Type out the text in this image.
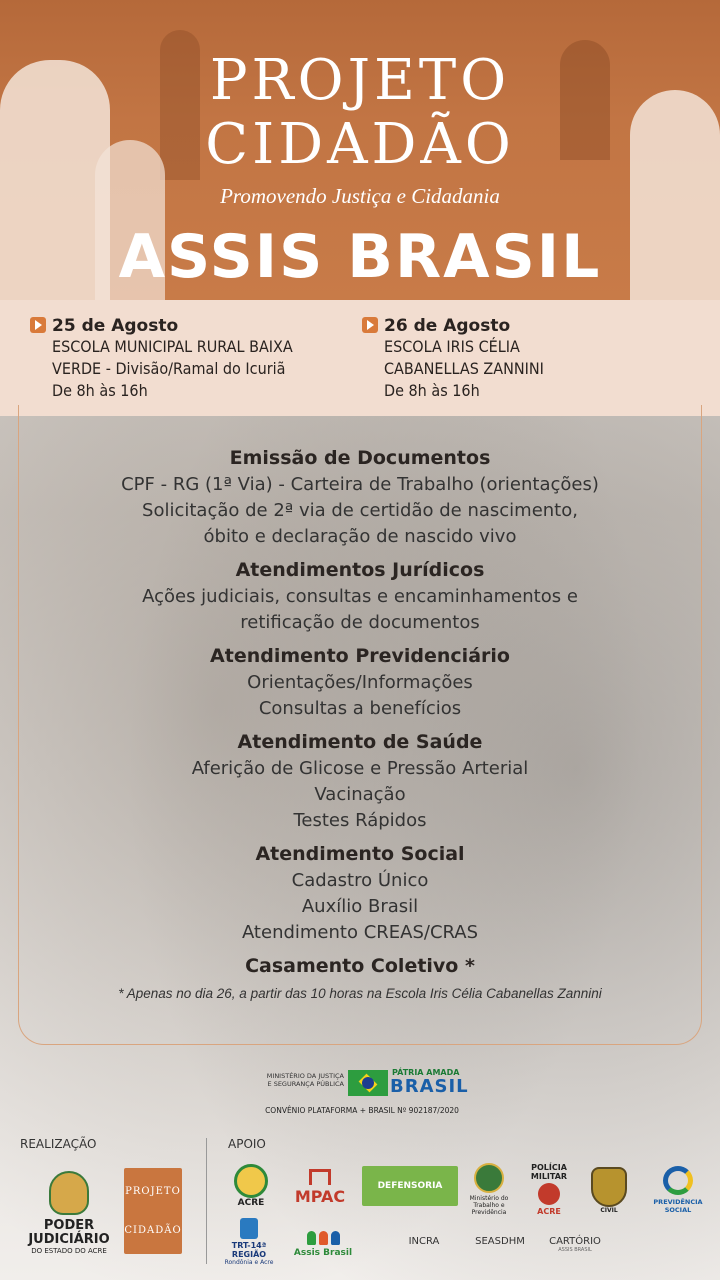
PROJETO
CIDADÃO
Promovendo Justiça e Cidadania
ASSIS BRASIL
25 de Agosto
ESCOLA MUNICIPAL RURAL BAIXA
VERDE - Divisão/Ramal do Icuriã
De 8h às 16h
26 de Agosto
ESCOLA IRIS CÉLIA
CABANELLAS ZANNINI
De 8h às 16h
Emissão de Documentos
CPF - RG (1ª Via) - Carteira de Trabalho (orientações)
Solicitação de 2ª via de certidão de nascimento,
óbito e declaração de nascido vivo
Atendimentos Jurídicos
Ações judiciais, consultas e encaminhamentos e
retificação de documentos
Atendimento Previdenciário
Orientações/Informações
Consultas a benefícios
Atendimento de Saúde
Aferição de Glicose e Pressão Arterial
Vacinação
Testes Rápidos
Atendimento Social
Cadastro Único
Auxílio Brasil
Atendimento CREAS/CRAS
Casamento Coletivo *
* Apenas no dia 26, a partir das 10 horas na Escola Iris Célia Cabanellas Zannini
MINISTÉRIO DA JUSTIÇA E SEGURANÇA PÚBLICA
PÁTRIA AMADA
BRASIL
CONVÊNIO PLATAFORMA + BRASIL Nº 902187/2020
REALIZAÇÃO	APOIO
PODER
JUDICIÁRIO
DO ESTADO DO ACRE
PROJETO
CIDADÃO
ACRE MPAC
DEFENSORIA
Ministério do Trabalho e Previdência
POLÍCIA MILITAR
ACRE	CIVIL
PREVIDÊNCIA SOCIAL
TRT-14ª REGIÃO
Rondônia e Acre
Assis Brasil
INCRA	SEASDHM	CARTÓRIO
ASSIS BRASIL
